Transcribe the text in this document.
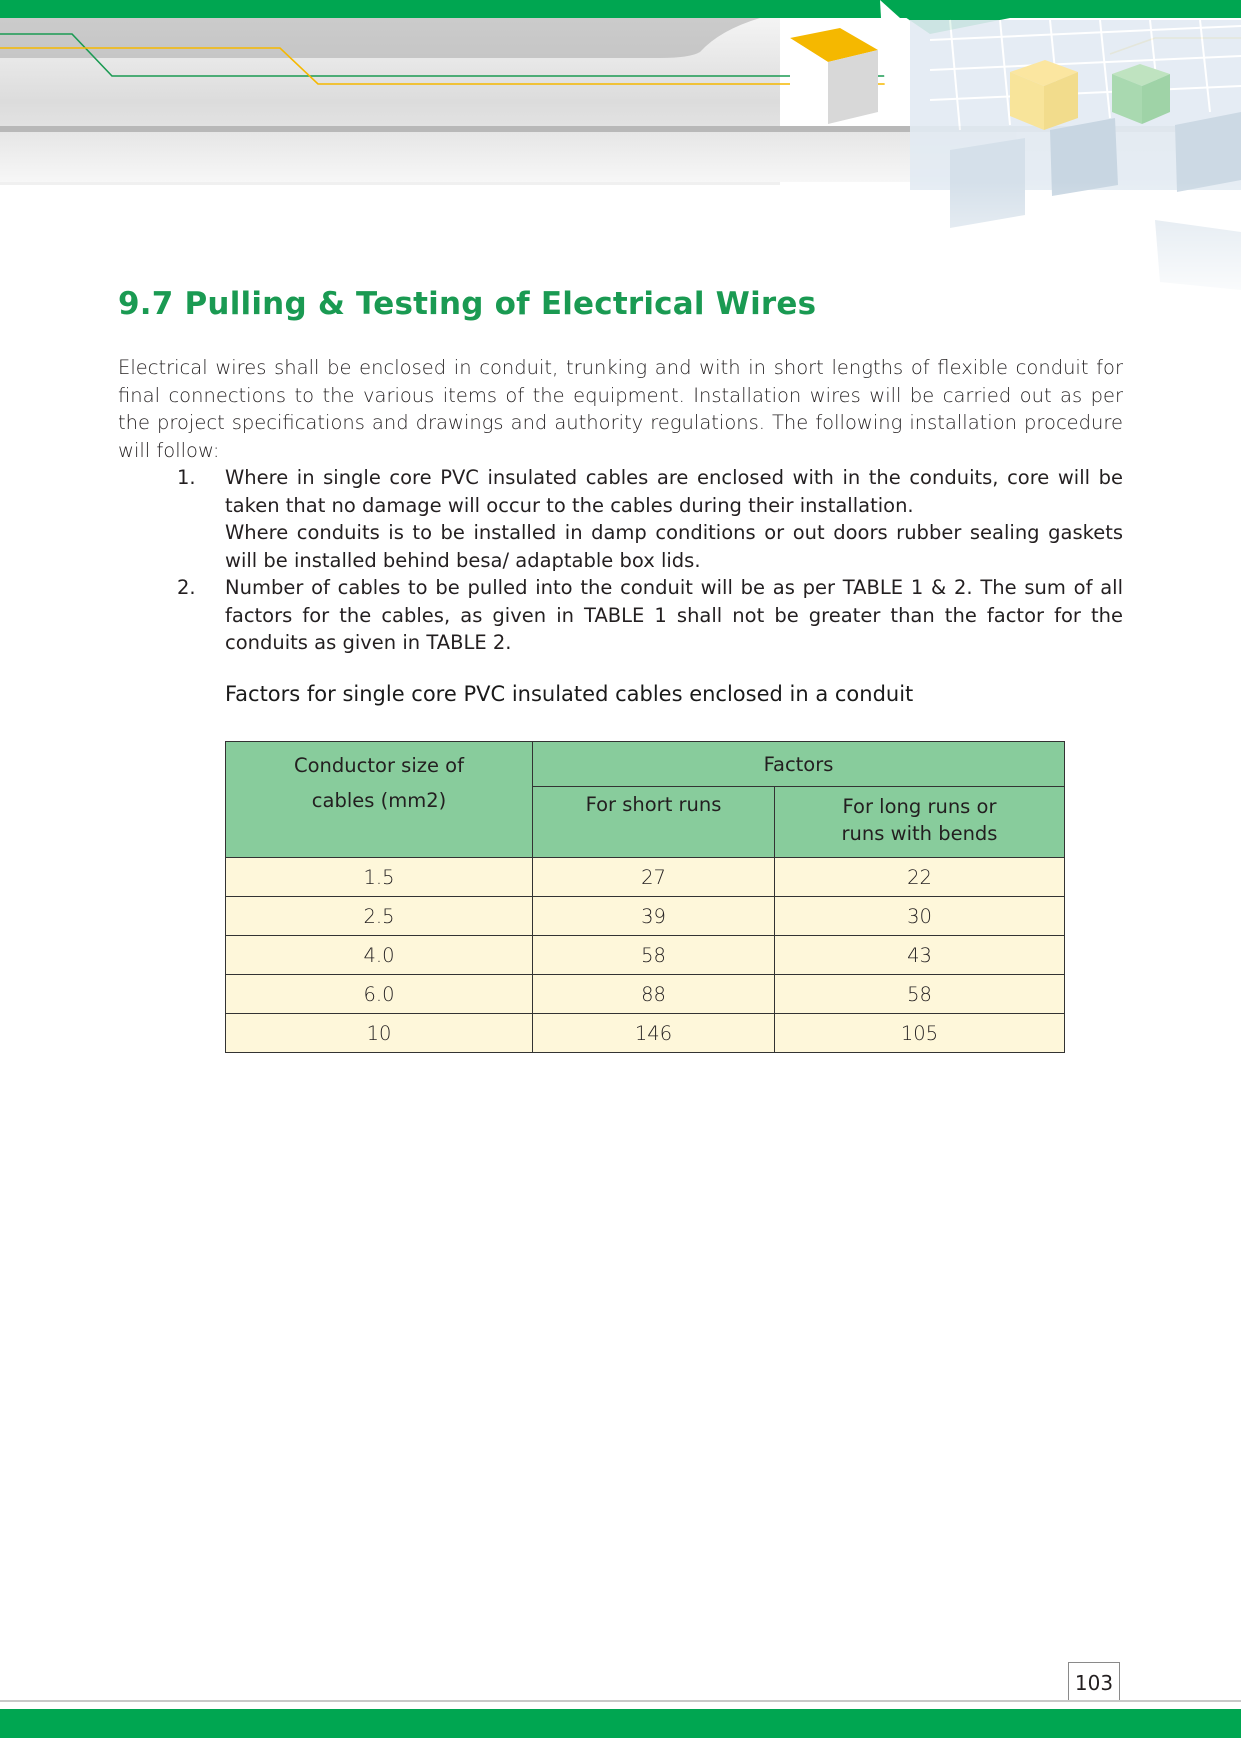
9.7 Pulling & Testing of Electrical Wires

Electrical wires shall be enclosed in conduit, trunking and with in short lengths of flexible conduit for final connections to the various items of the equipment. Installation wires will be carried out as per the project specifications and drawings and authority regulations. The following installation procedure will follow:

1. Where in single core PVC insulated cables are enclosed with in the conduits, core will be taken that no damage will occur to the cables during their installation.
Where conduits is to be installed in damp conditions or out doors rubber sealing gaskets will be installed behind besa/ adaptable box lids.
2. Number of cables to be pulled into the conduit will be as per TABLE 1 & 2. The sum of all factors for the cables, as given in TABLE 1 shall not be greater than the factor for the conduits as given in TABLE 2.
Factors for single core PVC insulated cables enclosed in a conduit
Conductor size of
cables (mm2)	Factors	
	For short runs	For long runs or
runs with bends
1.5	27	22
2.5	39	30
4.0	58	43
6.0	88	58
10	146	105
103
